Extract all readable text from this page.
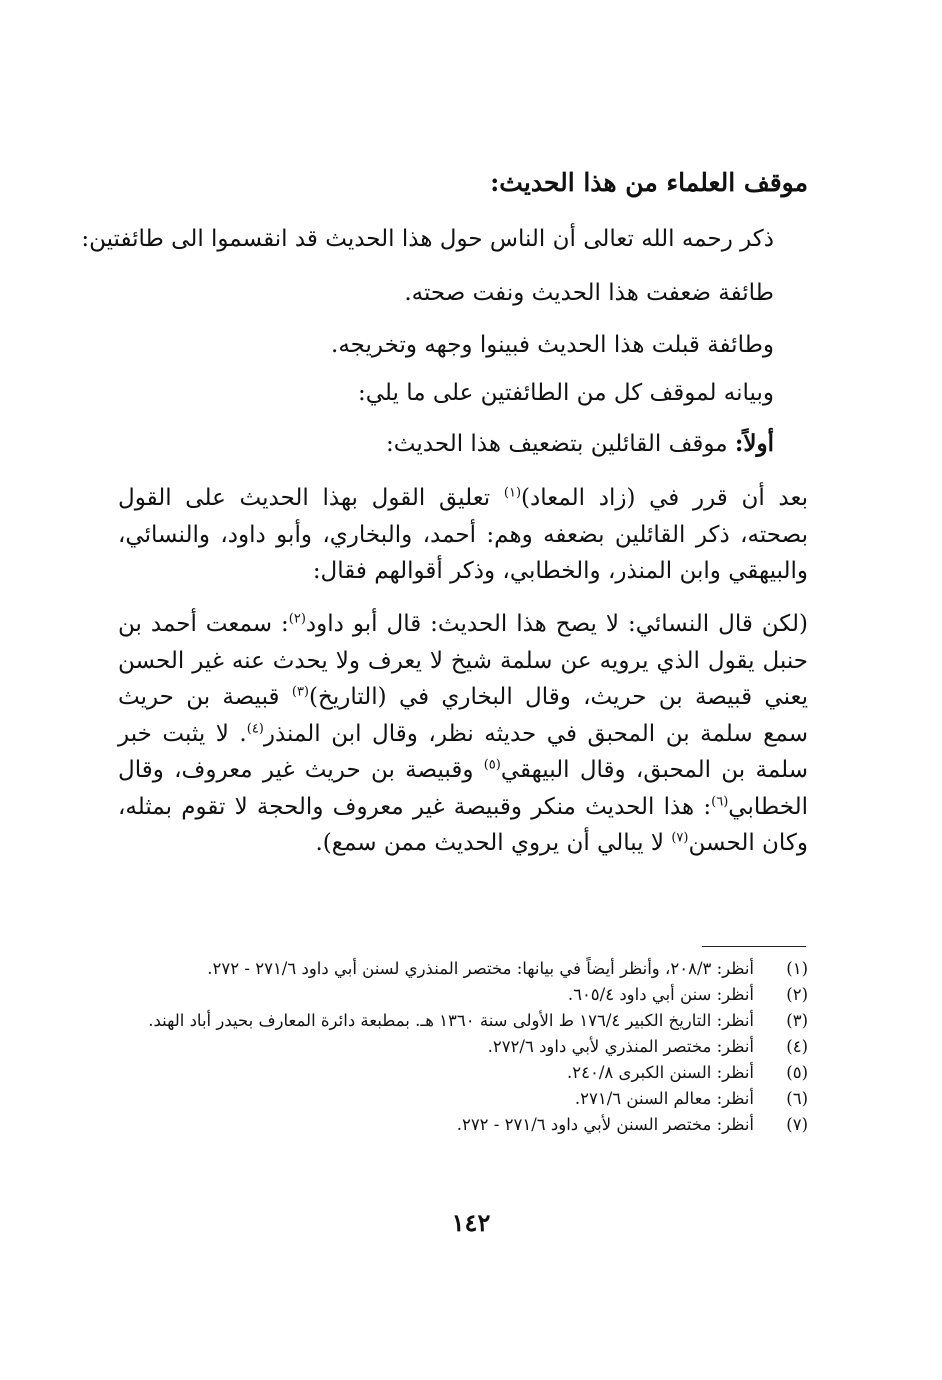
موقف العلماء من هذا الحديث:
ذكر رحمه الله تعالى أن الناس حول هذا الحديث قد انقسموا الى طائفتين:
طائفة ضعفت هذا الحديث ونفت صحته.
وطائفة قبلت هذا الحديث فبينوا وجهه وتخريجه.
وبيانه لموقف كل من الطائفتين على ما يلي:
أولاً: موقف القائلين بتضعيف هذا الحديث:

بعد أن قرر في (زاد المعاد)$^{(١)}$ تعليق القول بهذا الحديث على القول بصحته، ذكر القائلين بضعفه وهم: أحمد، والبخاري، وأبو داود، والنسائي، والبيهقي وابن المنذر، والخطابي، وذكر أقوالهم فقال:

(لكن قال النسائي: لا يصح هذا الحديث: قال أبو داود$^{(٢)}$: سمعت أحمد بن حنبل يقول الذي يرويه عن سلمة شيخ لا يعرف ولا يحدث عنه غير الحسن يعني قبيصة بن حريث، وقال البخاري في (التاريخ)$^{(٣)}$ قبيصة بن حريث سمع سلمة بن المحبق في حديثه نظر، وقال ابن المنذر$^{(٤)}$. لا يثبت خبر سلمة بن المحبق، وقال البيهقي$^{(٥)}$ وقبيصة بن حريث غير معروف، وقال الخطابي$^{(٦)}$: هذا الحديث منكر وقبيصة غير معروف والحجة لا تقوم بمثله، وكان الحسن$^{(٧)}$ لا يبالي أن يروي الحديث ممن سمع).

(١)
أنظر: ٢٠٨/٣، وأنظر أيضاً في بيانها: مختصر المنذري لسنن أبي داود ٢٧١/٦ - ٢٧٢.
(٢)
أنظر: سنن أبي داود ٦٠٥/٤.
(٣)
أنظر: التاريخ الكبير ١٧٦/٤ ط الأولى سنة ١٣٦٠ هـ. بمطبعة دائرة المعارف بحيدر أباد الهند.
(٤)
أنظر: مختصر المنذري لأبي داود ٢٧٢/٦.
(٥)
أنظر: السنن الكبرى ٢٤٠/٨.
(٦)
أنظر: معالم السنن ٢٧١/٦.
(٧)
أنظر: مختصر السنن لأبي داود ٢٧١/٦ - ٢٧٢.
١٤٢
